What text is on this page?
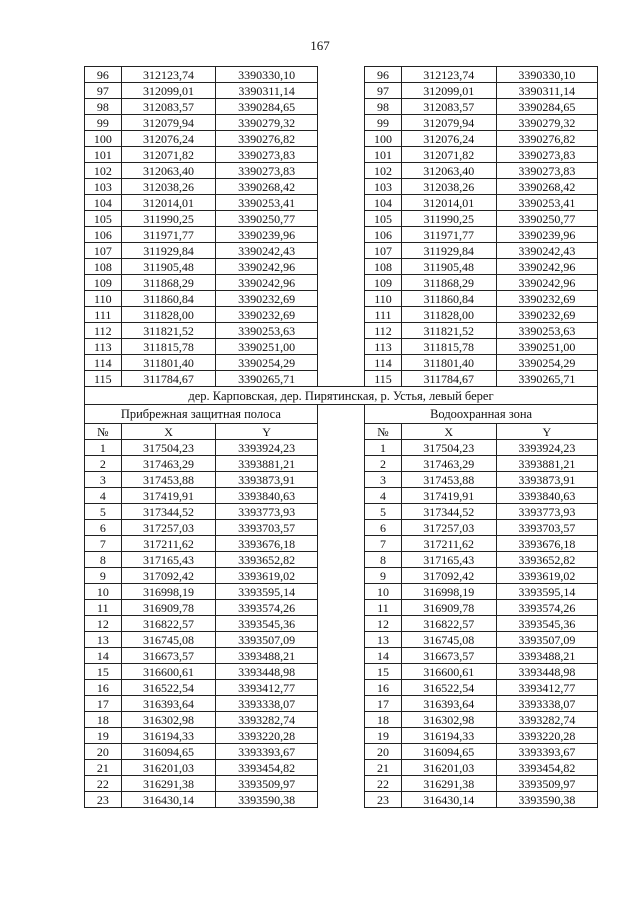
167
96	312123,74	3390330,10		96	312123,74	3390330,10
97	312099,01	3390311,14		97	312099,01	3390311,14
98	312083,57	3390284,65		98	312083,57	3390284,65
99	312079,94	3390279,32		99	312079,94	3390279,32
100	312076,24	3390276,82		100	312076,24	3390276,82
101	312071,82	3390273,83		101	312071,82	3390273,83
102	312063,40	3390273,83		102	312063,40	3390273,83
103	312038,26	3390268,42		103	312038,26	3390268,42
104	312014,01	3390253,41		104	312014,01	3390253,41
105	311990,25	3390250,77		105	311990,25	3390250,77
106	311971,77	3390239,96		106	311971,77	3390239,96
107	311929,84	3390242,43		107	311929,84	3390242,43
108	311905,48	3390242,96		108	311905,48	3390242,96
109	311868,29	3390242,96		109	311868,29	3390242,96
110	311860,84	3390232,69		110	311860,84	3390232,69
111	311828,00	3390232,69		111	311828,00	3390232,69
112	311821,52	3390253,63		112	311821,52	3390253,63
113	311815,78	3390251,00		113	311815,78	3390251,00
114	311801,40	3390254,29		114	311801,40	3390254,29
115	311784,67	3390265,71		115	311784,67	3390265,71
дер. Карповская, дер. Пирятинская, р. Устья, левый берег						
Прибрежная защитная полоса				Водоохранная зона		
№	X	Y		№	X	Y
1	317504,23	3393924,23		1	317504,23	3393924,23
2	317463,29	3393881,21		2	317463,29	3393881,21
3	317453,88	3393873,91		3	317453,88	3393873,91
4	317419,91	3393840,63		4	317419,91	3393840,63
5	317344,52	3393773,93		5	317344,52	3393773,93
6	317257,03	3393703,57		6	317257,03	3393703,57
7	317211,62	3393676,18		7	317211,62	3393676,18
8	317165,43	3393652,82		8	317165,43	3393652,82
9	317092,42	3393619,02		9	317092,42	3393619,02
10	316998,19	3393595,14		10	316998,19	3393595,14
11	316909,78	3393574,26		11	316909,78	3393574,26
12	316822,57	3393545,36		12	316822,57	3393545,36
13	316745,08	3393507,09		13	316745,08	3393507,09
14	316673,57	3393488,21		14	316673,57	3393488,21
15	316600,61	3393448,98		15	316600,61	3393448,98
16	316522,54	3393412,77		16	316522,54	3393412,77
17	316393,64	3393338,07		17	316393,64	3393338,07
18	316302,98	3393282,74		18	316302,98	3393282,74
19	316194,33	3393220,28		19	316194,33	3393220,28
20	316094,65	3393393,67		20	316094,65	3393393,67
21	316201,03	3393454,82		21	316201,03	3393454,82
22	316291,38	3393509,97		22	316291,38	3393509,97
23	316430,14	3393590,38		23	316430,14	3393590,38
